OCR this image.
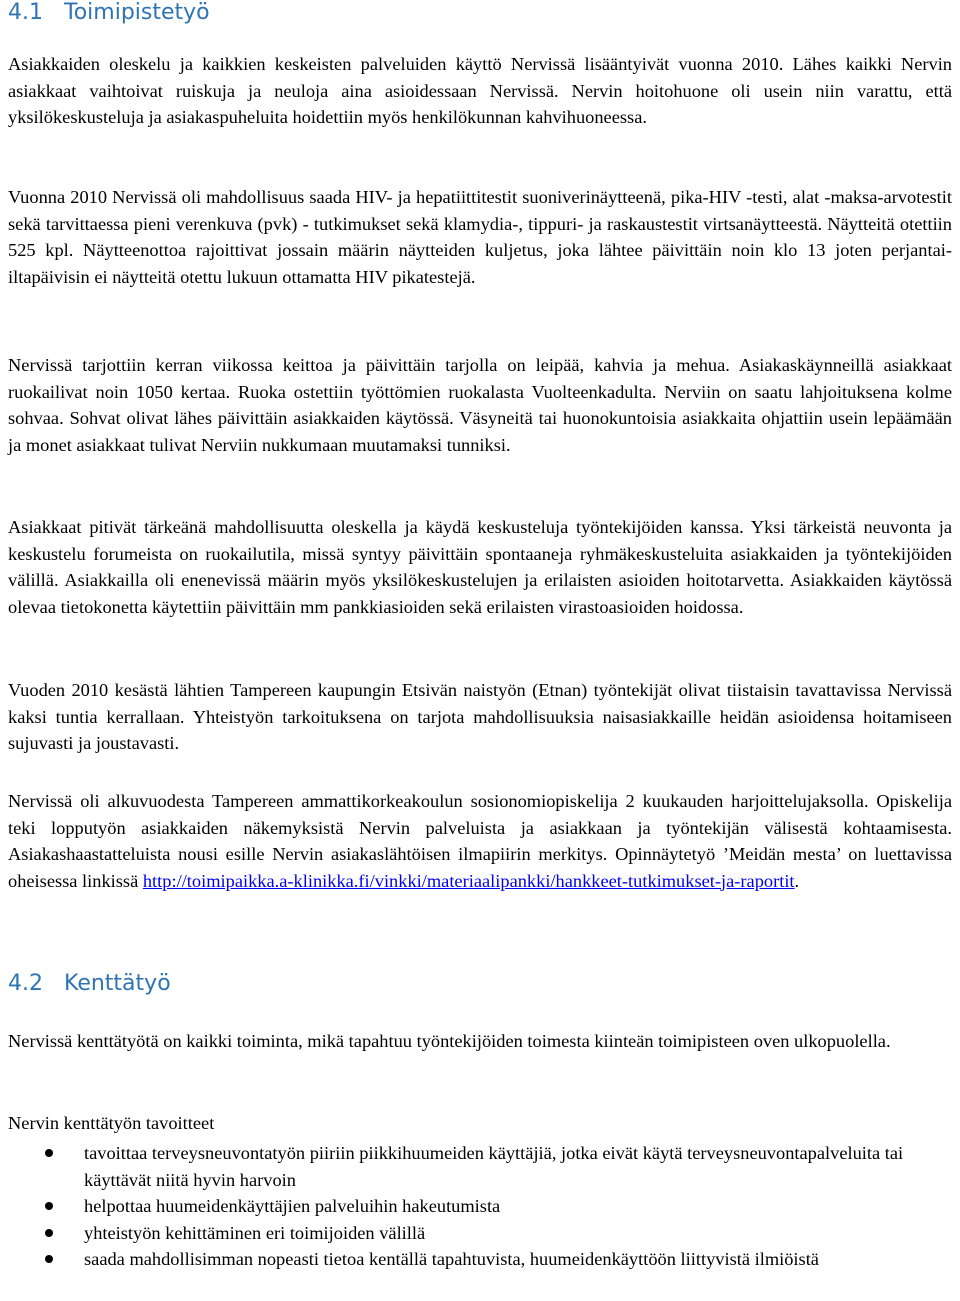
4.1 Toimipistetyö

Asiakkaiden oleskelu ja kaikkien keskeisten palveluiden käyttö Nervissä lisääntyivät vuonna 2010. Lähes kaikki Nervin asiakkaat vaihtoivat ruiskuja ja neuloja aina asioidessaan Nervissä. Nervin hoitohuone oli usein niin varattu, että yksilökeskusteluja ja asiakaspuheluita hoidettiin myös henkilökunnan kahvihuoneessa.

Vuonna 2010 Nervissä oli mahdollisuus saada HIV- ja hepatiittitestit suoniverinäytteenä, pika-HIV -testi, alat -maksa-arvotestit sekä tarvittaessa pieni verenkuva (pvk) - tutkimukset sekä klamydia-, tippuri- ja raskaustestit virtsanäytteestä. Näytteitä otettiin 525 kpl. Näytteenottoa rajoittivat jossain määrin näytteiden kuljetus, joka lähtee päivittäin noin klo 13 joten perjantai- iltapäivisin ei näytteitä otettu lukuun ottamatta HIV pikatestejä.

Nervissä tarjottiin kerran viikossa keittoa ja päivittäin tarjolla on leipää, kahvia ja mehua. Asiakaskäynneillä asiakkaat ruokailivat noin 1050 kertaa. Ruoka ostettiin työttömien ruokalasta Vuolteenkadulta. Nerviin on saatu lahjoituksena kolme sohvaa. Sohvat olivat lähes päivittäin asiakkaiden käytössä. Väsyneitä tai huonokuntoisia asiakkaita ohjattiin usein lepäämään ja monet asiakkaat tulivat Nerviin nukkumaan muutamaksi tunniksi.

Asiakkaat pitivät tärkeänä mahdollisuutta oleskella ja käydä keskusteluja työntekijöiden kanssa. Yksi tärkeistä neuvonta ja keskustelu forumeista on ruokailutila, missä syntyy päivittäin spontaaneja ryhmäkeskusteluita asiakkaiden ja työntekijöiden välillä. Asiakkailla oli enenevissä määrin myös yksilökeskustelujen ja erilaisten asioiden hoitotarvetta. Asiakkaiden käytössä olevaa tietokonetta käytettiin päivittäin mm pankkiasioiden sekä erilaisten virastoasioiden hoidossa.

Vuoden 2010 kesästä lähtien Tampereen kaupungin Etsivän naistyön (Etnan) työntekijät olivat tiistaisin tavattavissa Nervissä kaksi tuntia kerrallaan. Yhteistyön tarkoituksena on tarjota mahdollisuuksia naisasiakkaille heidän asioidensa hoitamiseen sujuvasti ja joustavasti.

Nervissä oli alkuvuodesta Tampereen ammattikorkeakoulun sosionomiopiskelija 2 kuukauden harjoittelujaksolla. Opiskelija teki lopputyön asiakkaiden näkemyksistä Nervin palveluista ja asiakkaan ja työntekijän välisestä kohtaamisesta. Asiakashaastatteluista nousi esille Nervin asiakaslähtöisen ilmapiirin merkitys. Opinnäytetyö ’Meidän mesta’ on luettavissa oheisessa linkissä http://toimipaikka.a-klinikka.fi/vinkki/materiaalipankki/hankkeet-tutkimukset-ja-raportit.

4.2 Kenttätyö

Nervissä kenttätyötä on kaikki toiminta, mikä tapahtuu työntekijöiden toimesta kiinteän toimipisteen oven ulkopuolella.

Nervin kenttätyön tavoitteet

tavoittaa terveysneuvontatyön piiriin piikkihuumeiden käyttäjiä, jotka eivät käytä terveysneuvontapalveluita tai käyttävät niitä hyvin harvoin
helpottaa huumeidenkäyttäjien palveluihin hakeutumista
yhteistyön kehittäminen eri toimijoiden välillä
saada mahdollisimman nopeasti tietoa kentällä tapahtuvista, huumeidenkäyttöön liittyvistä ilmiöistä
